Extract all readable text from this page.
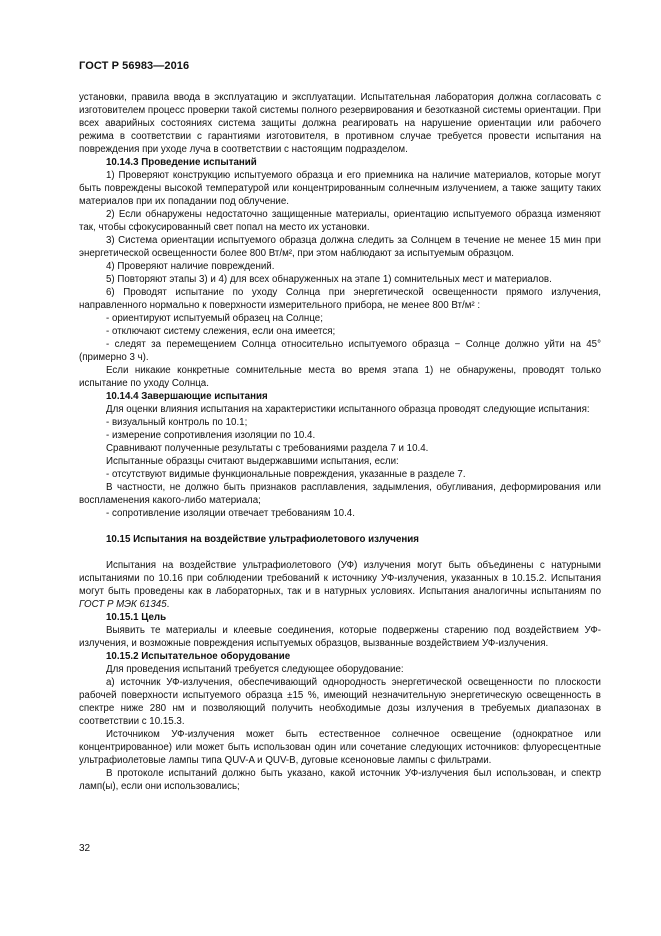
ГОСТ Р 56983—2016

установки, правила ввода в эксплуатацию и эксплуатации. Испытательная лаборатория должна согласовать с изготовителем процесс проверки такой системы полного резервирования и безотказной системы ориентации. При всех аварийных состояниях система защиты должна реагировать на нарушение ориентации или рабочего режима в соответствии с гарантиями изготовителя, в противном случае требуется провести испытания на повреждения при уходе луча в соответствии с настоящим подразделом.

10.14.3 Проведение испытаний

1) Проверяют конструкцию испытуемого образца и его приемника на наличие материалов, которые могут быть повреждены высокой температурой или концентрированным солнечным излучением, а также защиту таких материалов при их попадании под облучение.

2) Если обнаружены недостаточно защищенные материалы, ориентацию испытуемого образца изменяют так, чтобы сфокусированный свет попал на место их установки.

3) Система ориентации испытуемого образца должна следить за Солнцем в течение не менее 15 мин при энергетической освещенности более 800 Вт/м², при этом наблюдают за испытуемым образцом.

4) Проверяют наличие повреждений.

5) Повторяют этапы 3) и 4) для всех обнаруженных на этапе 1) сомнительных мест и материалов.

6) Проводят испытание по уходу Солнца при энергетической освещенности прямого излучения, направленного нормально к поверхности измерительного прибора, не менее 800 Вт/м² :

- ориентируют испытуемый образец на Солнце;

- отключают систему слежения, если она имеется;

- следят за перемещением Солнца относительно испытуемого образца − Солнце должно уйти на 45°(примерно 3 ч).

Если никакие конкретные сомнительные места во время этапа 1) не обнаружены, проводят только испытание по уходу Солнца.

10.14.4 Завершающие испытания

Для оценки влияния испытания на характеристики испытанного образца проводят следующие испытания:

- визуальный контроль по 10.1;

- измерение сопротивления изоляции по 10.4.

Сравнивают полученные результаты с требованиями раздела 7 и 10.4.

Испытанные образцы считают выдержавшими испытания, если:

- отсутствуют видимые функциональные повреждения, указанные в разделе 7.

В частности, не должно быть признаков расплавления, задымления, обугливания, деформирования или воспламенения какого-либо материала;

- сопротивление изоляции отвечает требованиям 10.4.

10.15 Испытания на воздействие ультрафиолетового излучения

Испытания на воздействие ультрафиолетового (УФ) излучения могут быть объединены с натурными испытаниями по 10.16 при соблюдении требований к источнику УФ-излучения, указанных в 10.15.2. Испытания могут быть проведены как в лабораторных, так и в натурных условиях. Испытания аналогичны испытаниям по ГОСТ Р МЭК 61345.

10.15.1 Цель

Выявить те материалы и клеевые соединения, которые подвержены старению под воздействием УФ-излучения, и возможные повреждения испытуемых образцов, вызванные воздействием УФ-излучения.

10.15.2 Испытательное оборудование

Для проведения испытаний требуется следующее оборудование:

а) источник УФ-излучения, обеспечивающий однородность энергетической освещенности по плоскости рабочей поверхности испытуемого образца ±15 %, имеющий незначительную энергетическую освещенность в спектре ниже 280 нм и позволяющий получить необходимые дозы излучения в требуемых диапазонах в соответствии с 10.15.3.

Источником УФ-излучения может быть естественное солнечное освещение (однократное или концентрированное) или может быть использован один или сочетание следующих источников: флуоресцентные ультрафиолетовые лампы типа QUV-A и QUV-B, дуговые ксеноновые лампы с фильтрами.

В протоколе испытаний должно быть указано, какой источник УФ-излучения был использован, и спектр ламп(ы), если они использовались;

32
